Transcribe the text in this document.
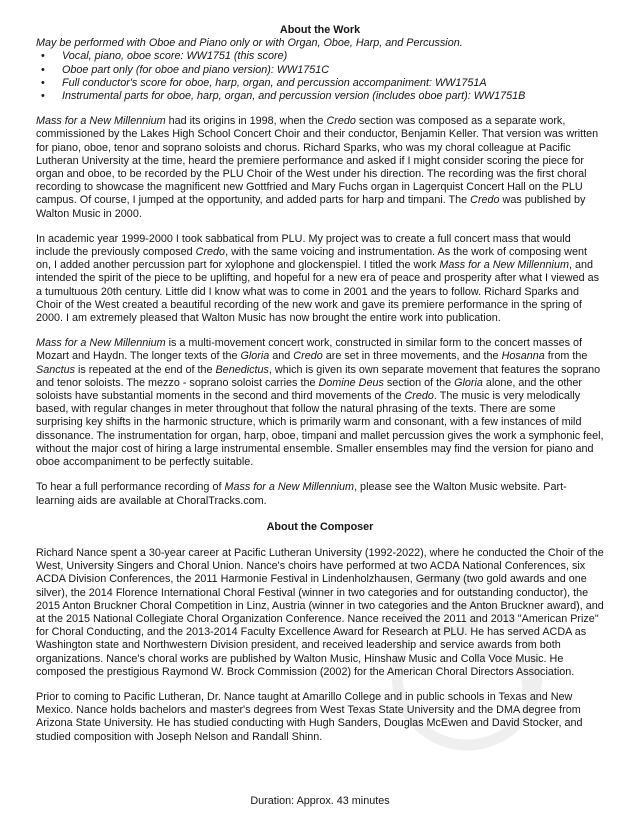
About the Work
May be performed with Oboe and Piano only or with Organ, Oboe, Harp, and Percussion.
• Vocal, piano, oboe score: WW1751 (this score)
• Oboe part only (for oboe and piano version): WW1751C
• Full conductor's score for oboe, harp, organ, and percussion accompaniment: WW1751A
• Instrumental parts for oboe, harp, organ, and percussion version (includes oboe part): WW1751B

Mass for a New Millennium had its origins in 1998, when the Credo section was composed as a separate work, commissioned by the Lakes High School Concert Choir and their conductor, Benjamin Keller. That version was written for piano, oboe, tenor and soprano soloists and chorus. Richard Sparks, who was my choral colleague at Pacific Lutheran University at the time, heard the premiere performance and asked if I might consider scoring the piece for organ and oboe, to be recorded by the PLU Choir of the West under his direction. The recording was the first choral recording to showcase the magnificent new Gottfried and Mary Fuchs organ in Lagerquist Concert Hall on the PLU campus. Of course, I jumped at the opportunity, and added parts for harp and timpani. The Credo was published by Walton Music in 2000.

In academic year 1999-2000 I took sabbatical from PLU. My project was to create a full concert mass that would include the previously composed Credo, with the same voicing and instrumentation. As the work of composing went on, I added another percussion part for xylophone and glockenspiel. I titled the work Mass for a New Millennium, and intended the spirit of the piece to be uplifting, and hopeful for a new era of peace and prosperity after what I viewed as a tumultuous 20th century. Little did I know what was to come in 2001 and the years to follow. Richard Sparks and Choir of the West created a beautiful recording of the new work and gave its premiere performance in the spring of 2000. I am extremely pleased that Walton Music has now brought the entire work into publication.

Mass for a New Millennium is a multi-movement concert work, constructed in similar form to the concert masses of Mozart and Haydn. The longer texts of the Gloria and Credo are set in three movements, and the Hosanna from the Sanctus is repeated at the end of the Benedictus, which is given its own separate movement that features the soprano and tenor soloists. The mezzo - soprano soloist carries the Domine Deus section of the Gloria alone, and the other soloists have substantial moments in the second and third movements of the Credo. The music is very melodically based, with regular changes in meter throughout that follow the natural phrasing of the texts. There are some surprising key shifts in the harmonic structure, which is primarily warm and consonant, with a few instances of mild dissonance. The instrumentation for organ, harp, oboe, timpani and mallet percussion gives the work a symphonic feel, without the major cost of hiring a large instrumental ensemble. Smaller ensembles may find the version for piano and oboe accompaniment to be perfectly suitable.

To hear a full performance recording of Mass for a New Millennium, please see the Walton Music website. Part-learning aids are available at ChoralTracks.com.

About the Composer

Richard Nance spent a 30-year career at Pacific Lutheran University (1992-2022), where he conducted the Choir of the West, University Singers and Choral Union. Nance's choirs have performed at two ACDA National Conferences, six ACDA Division Conferences, the 2011 Harmonie Festival in Lindenholzhausen, Germany (two gold awards and one silver), the 2014 Florence International Choral Festival (winner in two categories and for outstanding conductor), the 2015 Anton Bruckner Choral Competition in Linz, Austria (winner in two categories and the Anton Bruckner award), and at the 2015 National Collegiate Choral Organization Conference. Nance received the 2011 and 2013 "American Prize" for Choral Conducting, and the 2013-2014 Faculty Excellence Award for Research at PLU. He has served ACDA as Washington state and Northwestern Division president, and received leadership and service awards from both organizations. Nance's choral works are published by Walton Music, Hinshaw Music and Colla Voce Music. He composed the prestigious Raymond W. Brock Commission (2002) for the American Choral Directors Association.

Prior to coming to Pacific Lutheran, Dr. Nance taught at Amarillo College and in public schools in Texas and New Mexico. Nance holds bachelors and master's degrees from West Texas State University and the DMA degree from Arizona State University. He has studied conducting with Hugh Sanders, Douglas McEwen and David Stocker, and studied composition with Joseph Nelson and Randall Shinn.

Duration: Approx. 43 minutes
